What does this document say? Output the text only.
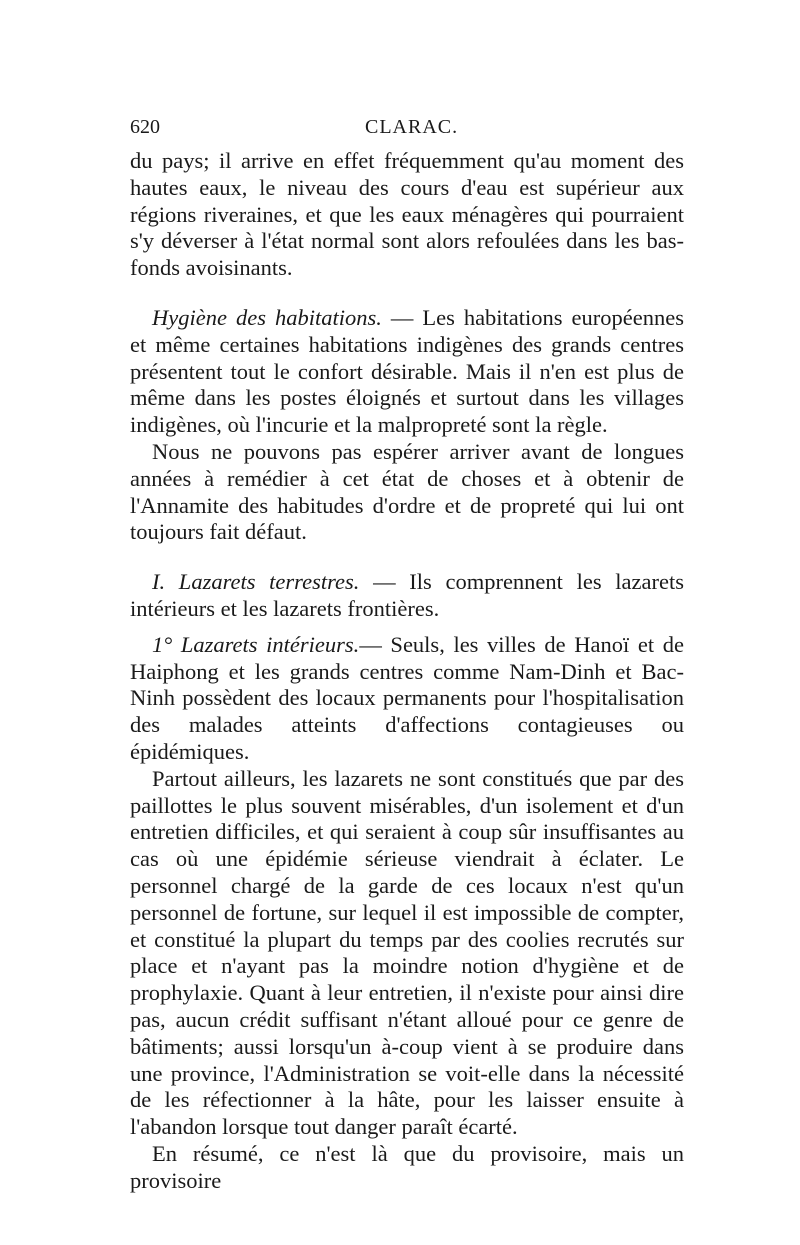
620	CLARAC.

du pays; il arrive en effet fréquemment qu'au moment des hautes eaux, le niveau des cours d'eau est supérieur aux régions riveraines, et que les eaux ménagères qui pourraient s'y déverser à l'état normal sont alors refoulées dans les bas-fonds avoisinants.

Hygiène des habitations. — Les habitations européennes et même certaines habitations indigènes des grands centres présentent tout le confort désirable. Mais il n'en est plus de même dans les postes éloignés et surtout dans les villages indigènes, où l'incurie et la malpropreté sont la règle.

Nous ne pouvons pas espérer arriver avant de longues années à remédier à cet état de choses et à obtenir de l'Annamite des habitudes d'ordre et de propreté qui lui ont toujours fait défaut.

I. Lazarets terrestres. — Ils comprennent les lazarets intérieurs et les lazarets frontières.

1° Lazarets intérieurs.— Seuls, les villes de Hanoï et de Haiphong et les grands centres comme Nam-Dinh et Bac-Ninh possèdent des locaux permanents pour l'hospitalisation des malades atteints d'affections contagieuses ou épidémiques.

Partout ailleurs, les lazarets ne sont constitués que par des paillottes le plus souvent misérables, d'un isolement et d'un entretien difficiles, et qui seraient à coup sûr insuffisantes au cas où une épidémie sérieuse viendrait à éclater. Le personnel chargé de la garde de ces locaux n'est qu'un personnel de fortune, sur lequel il est impossible de compter, et constitué la plupart du temps par des coolies recrutés sur place et n'ayant pas la moindre notion d'hygiène et de prophylaxie. Quant à leur entretien, il n'existe pour ainsi dire pas, aucun crédit suffisant n'étant alloué pour ce genre de bâtiments; aussi lorsqu'un à-coup vient à se produire dans une province, l'Administration se voit-elle dans la nécessité de les réfectionner à la hâte, pour les laisser ensuite à l'abandon lorsque tout danger paraît écarté.

En résumé, ce n'est là que du provisoire, mais un provisoire
